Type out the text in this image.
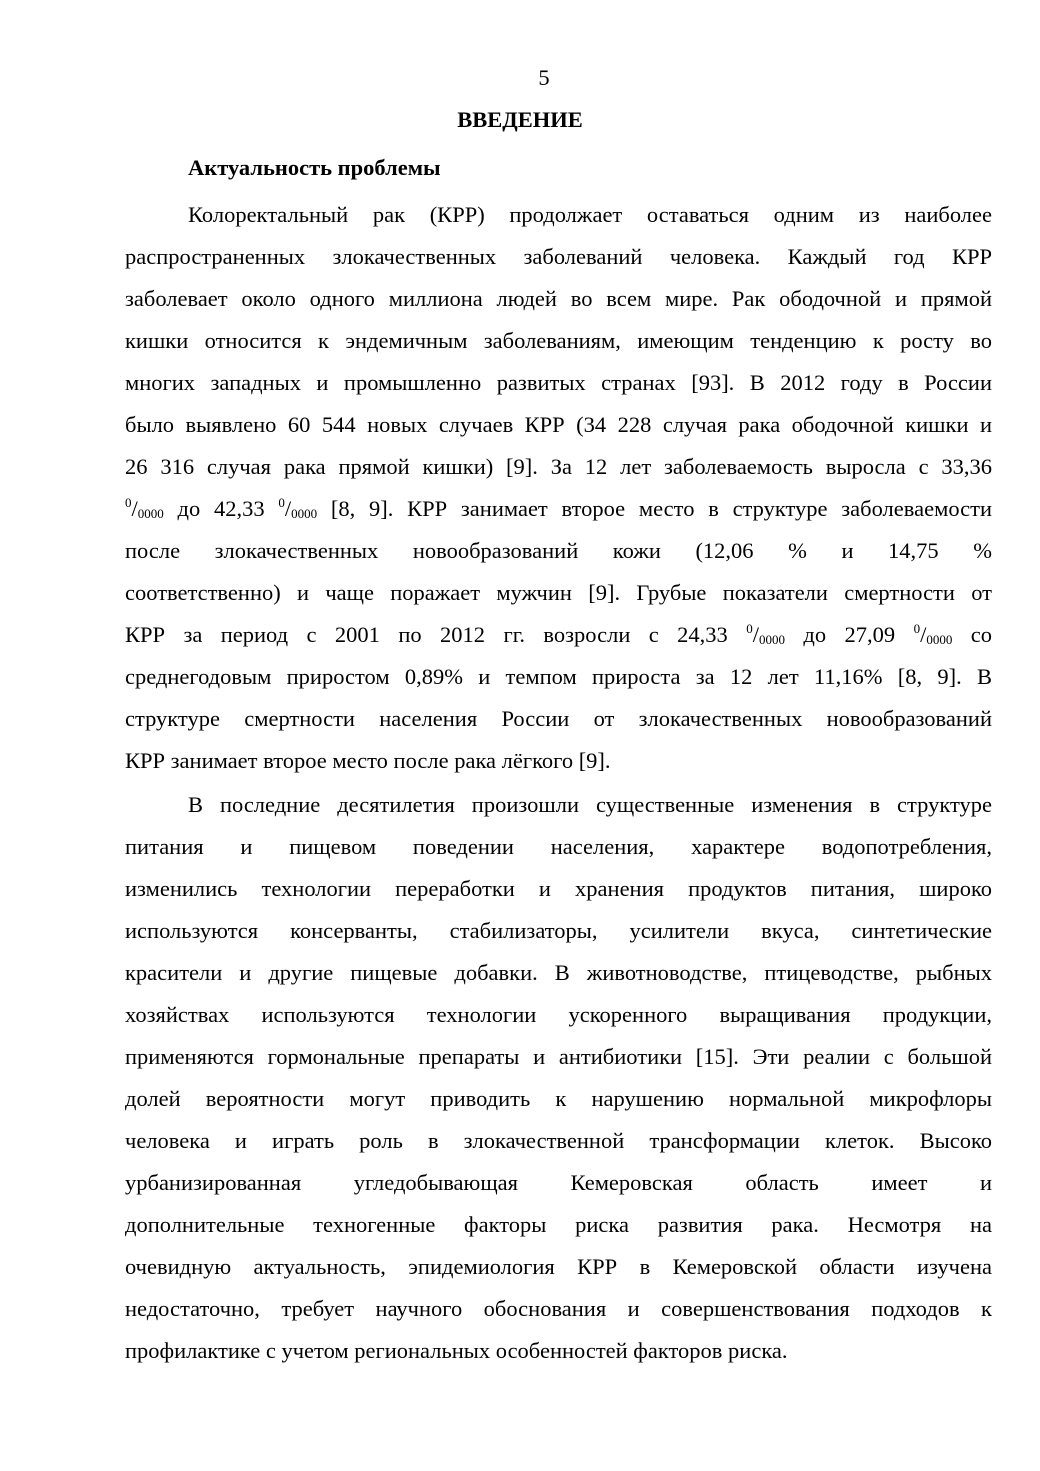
5
ВВЕДЕНИЕ
Актуальность проблемы
Колоректальный рак (КРР) продолжает оставаться одним из наиболее
распространенных злокачественных заболеваний человека. Каждый год КРР
заболевает около одного миллиона людей во всем мире. Рак ободочной и прямой
кишки относится к эндемичным заболеваниям, имеющим тенденцию к росту во
многих западных и промышленно развитых странах [93]. В 2012 году в России
было выявлено 60 544 новых случаев КРР (34 228 случая рака ободочной кишки и
26 316 случая рака прямой кишки) [9]. За 12 лет заболеваемость выросла с 33,36
$^0/_{0000}$ до 42,33 $^0/_{0000}$ [8, 9]. КРР занимает второе место в структуре заболеваемости
после злокачественных новообразований кожи (12,06 % и 14,75 %
соответственно) и чаще поражает мужчин [9]. Грубые показатели смертности от
КРР за период с 2001 по 2012 гг. возросли с 24,33 $^0/_{0000}$ до 27,09 $^0/_{0000}$ со
среднегодовым приростом 0,89% и темпом прироста за 12 лет 11,16% [8, 9]. В
структуре смертности населения России от злокачественных новообразований
КРР занимает второе место после рака лёгкого [9].
В последние десятилетия произошли существенные изменения в структуре
питания и пищевом поведении населения, характере водопотребления,
изменились технологии переработки и хранения продуктов питания, широко
используются консерванты, стабилизаторы, усилители вкуса, синтетические
красители и другие пищевые добавки. В животноводстве, птицеводстве, рыбных
хозяйствах используются технологии ускоренного выращивания продукции,
применяются гормональные препараты и антибиотики [15]. Эти реалии с большой
долей вероятности могут приводить к нарушению нормальной микрофлоры
человека и играть роль в злокачественной трансформации клеток. Высоко
урбанизированная угледобывающая Кемеровская область имеет и
дополнительные техногенные факторы риска развития рака. Несмотря на
очевидную актуальность, эпидемиология КРР в Кемеровской области изучена
недостаточно, требует научного обоснования и совершенствования подходов к
профилактике с учетом региональных особенностей факторов риска.
